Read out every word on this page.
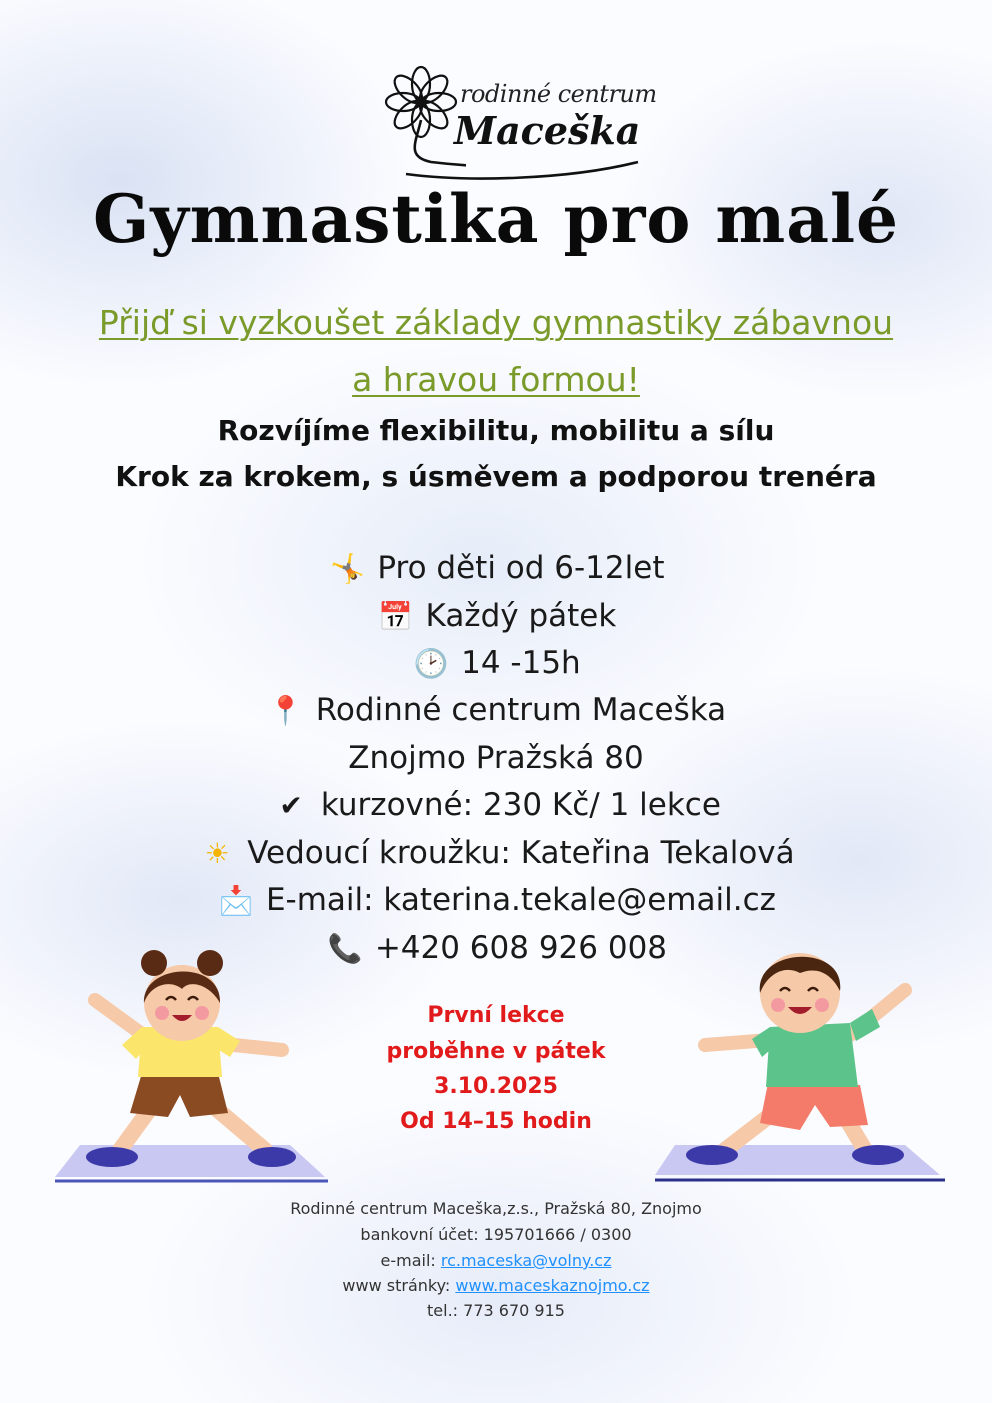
rodinné centrum
Maceška
Gymnastika pro malé
Přijď si vyzkoušet základy gymnastiky zábavnou
a hravou formou!
Rozvíjíme flexibilitu, mobilitu a sílu
Krok za krokem, s úsměvem a podporou trenéra
🤸 Pro děti od 6-12let
📅 Každý pátek
🕑 14 -15h
📍 Rodinné centrum Maceška
Znojmo Pražská 80
✔ kurzovné: 230 Kč/ 1 lekce
☀ Vedoucí kroužku: Kateřina Tekalová
📩 E-mail: katerina.tekale@email.cz
📞 +420 608 926 008
První lekce
proběhne v pátek
3.10.2025
Od 14–15 hodin
Rodinné centrum Maceška,z.s., Pražská 80, Znojmo
bankovní účet: 195701666 / 0300
e-mail: rc.maceska@volny.cz
www stránky: www.maceskaznojmo.cz
tel.: 773 670 915
